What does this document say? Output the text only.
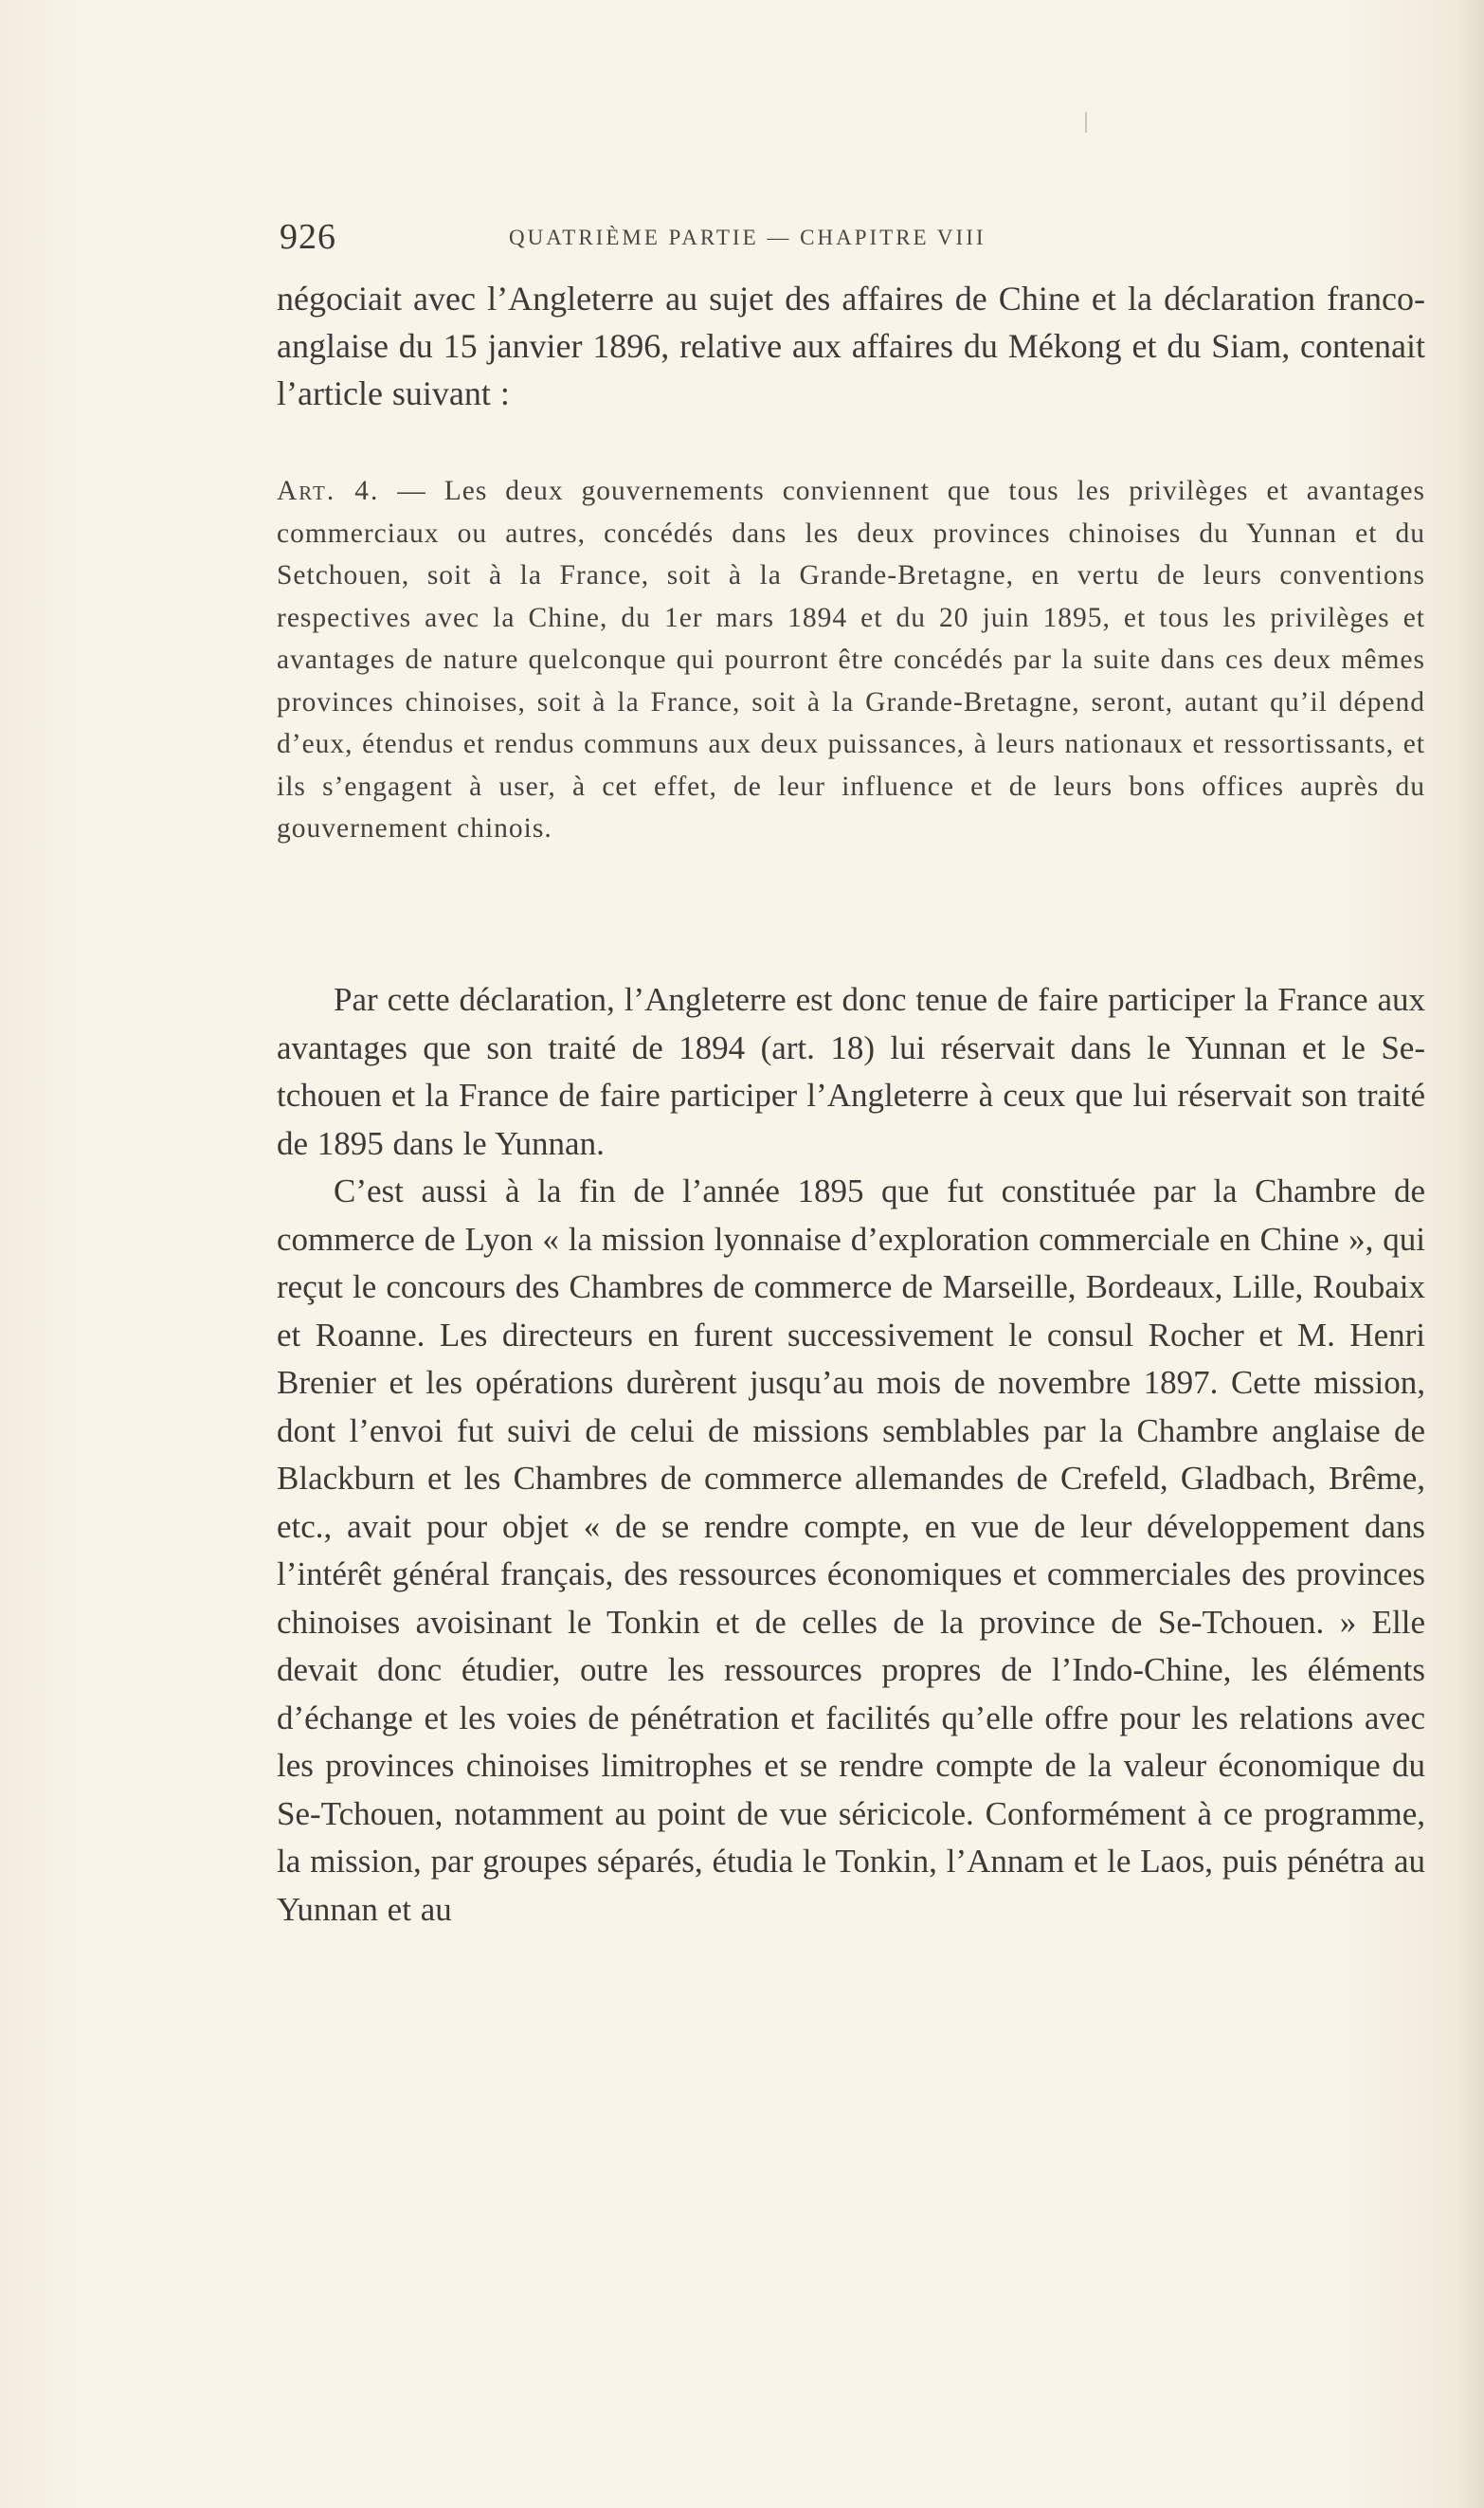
926	QUATRIÈME PARTIE — CHAPITRE VIII
négociait avec l’Angleterre au sujet des affaires de Chine et la déclaration franco-anglaise du 15 janvier 1896, relative aux affaires du Mékong et du Siam, contenait l’article suivant :
Art. 4. — Les deux gouvernements conviennent que tous les privilèges et avantages commerciaux ou autres, concédés dans les deux provinces chinoises du Yunnan et du Setchouen, soit à la France, soit à la Grande-Bretagne, en vertu de leurs conventions respectives avec la Chine, du 1er mars 1894 et du 20 juin 1895, et tous les privilèges et avantages de nature quelconque qui pourront être concédés par la suite dans ces deux mêmes provinces chinoises, soit à la France, soit à la Grande-Bretagne, seront, autant qu’il dépend d’eux, étendus et rendus communs aux deux puissances, à leurs nationaux et ressortissants, et ils s’engagent à user, à cet effet, de leur influence et de leurs bons offices auprès du gouvernement chinois.

Par cette déclaration, l’Angleterre est donc tenue de faire participer la France aux avantages que son traité de 1894 (art. 18) lui réservait dans le Yunnan et le Se-tchouen et la France de faire participer l’Angleterre à ceux que lui réservait son traité de 1895 dans le Yunnan.

C’est aussi à la fin de l’année 1895 que fut constituée par la Chambre de commerce de Lyon « la mission lyonnaise d’exploration commerciale en Chine », qui reçut le concours des Chambres de commerce de Marseille, Bordeaux, Lille, Roubaix et Roanne. Les directeurs en furent successivement le consul Rocher et M. Henri Brenier et les opérations durèrent jusqu’au mois de novembre 1897. Cette mission, dont l’envoi fut suivi de celui de missions semblables par la Chambre anglaise de Blackburn et les Chambres de commerce allemandes de Crefeld, Gladbach, Brême, etc., avait pour objet « de se rendre compte, en vue de leur développement dans l’intérêt général français, des ressources économiques et commerciales des provinces chinoises avoisinant le Tonkin et de celles de la province de Se-Tchouen. » Elle devait donc étudier, outre les ressources propres de l’Indo-Chine, les éléments d’échange et les voies de pénétration et facilités qu’elle offre pour les relations avec les provinces chinoises limitrophes et se rendre compte de la valeur économique du Se-Tchouen, notamment au point de vue séricicole. Conformément à ce programme, la mission, par groupes séparés, étudia le Tonkin, l’Annam et le Laos, puis pénétra au Yunnan et au
